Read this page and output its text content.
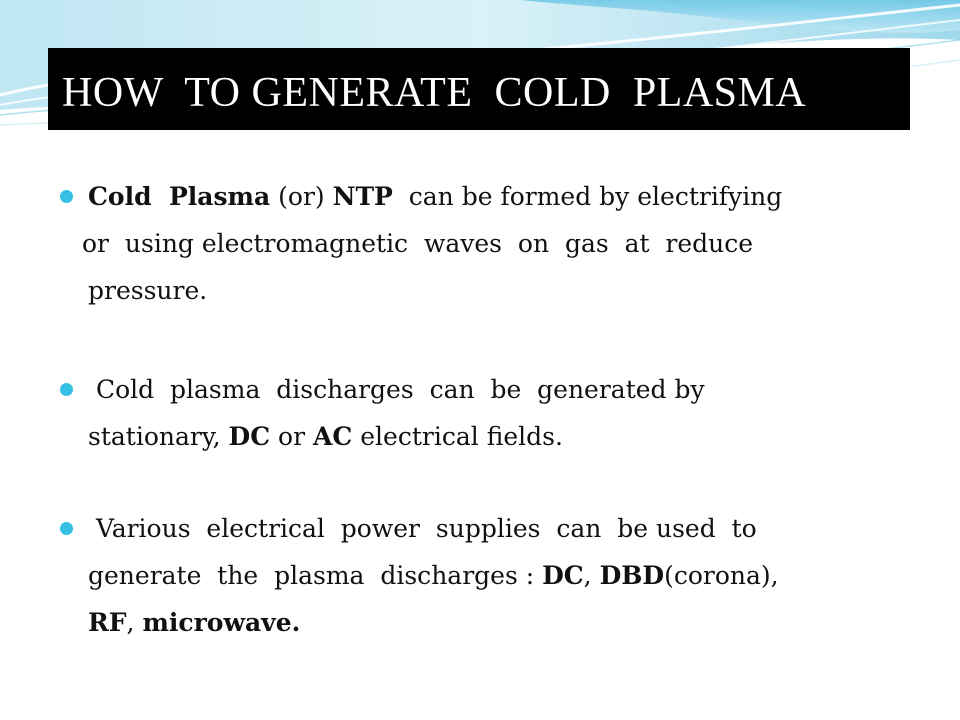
HOW  TO GENERATE  COLD  PLASMA
Cold  Plasma (or) NTP  can be formed by electrifying
or  using electromagnetic  waves  on  gas  at  reduce
pressure.
Cold  plasma  discharges  can  be  generated by
stationary, DC or AC electrical fields.
Various  electrical  power  supplies  can  be used  to
generate  the  plasma  discharges : DC, DBD(corona),
RF, microwave.
